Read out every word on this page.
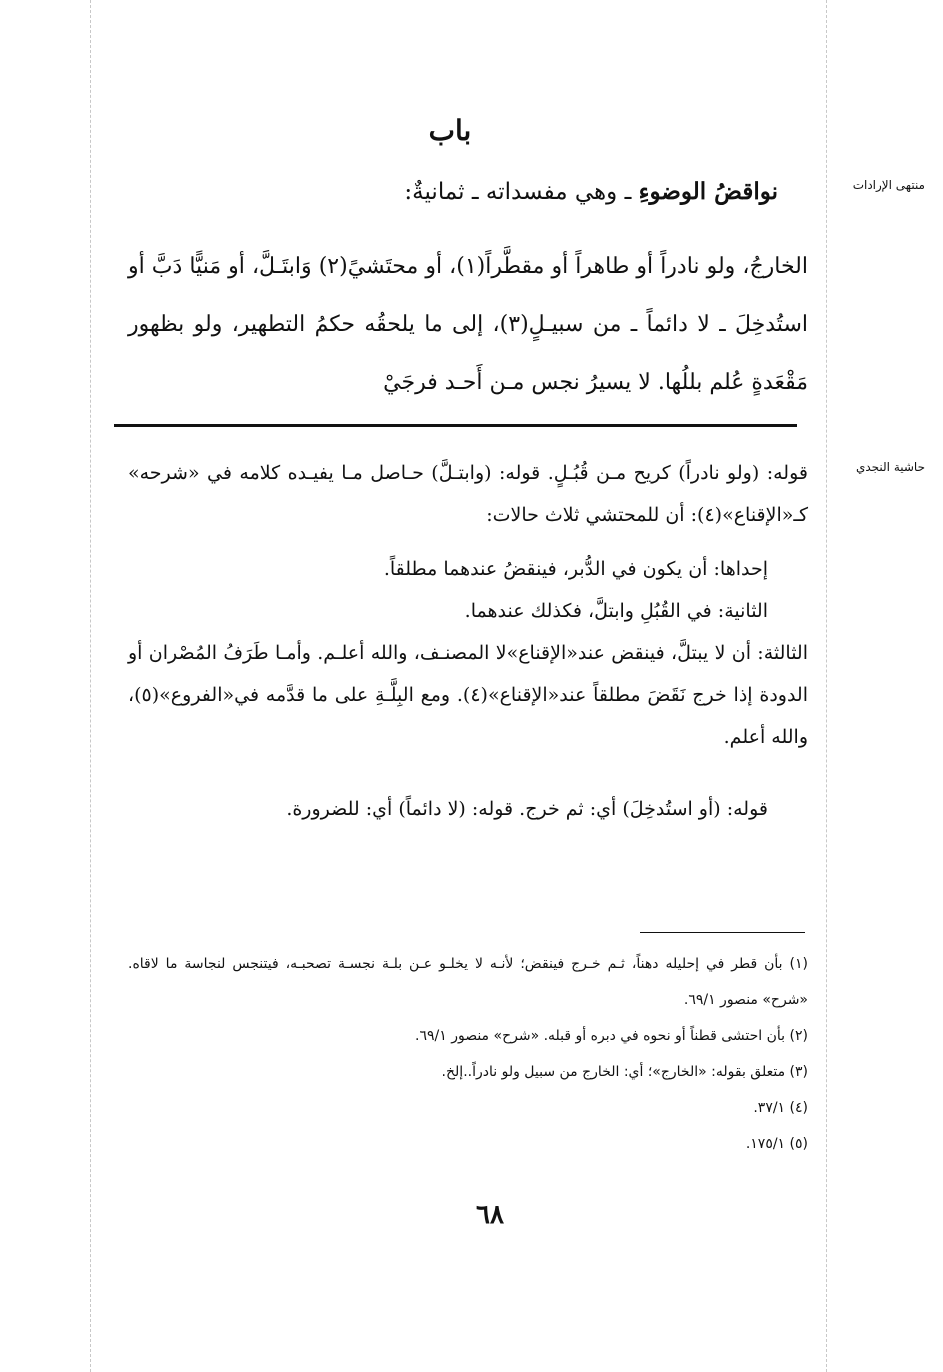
باب
نواقضُ الوضوءِ ـ وهي مفسداته ـ ثمانيةٌ:	منتهى الإرادات
الخارجُ، ولو نادراً أو طاهراً أو مقطَّراً(١)، أو محتَشيً(٢) وَابتَـلَّ، أو مَنيًّا دَبَّ أو استُدخِلَ ـ لا دائماً ـ من سبيـلٍ(٣)، إلى ما يلحقُه حكمُ التطهير، ولو بظهور مَقْعَدةٍ عُلم بللُها. لا يسيرُ نجس مـن أَحـد فرجَيْ
حاشية النجدي

قوله: (ولو نادراً) كريح مـن قُبُـلٍ. قوله: (وابتـلَّ) حـاصل مـا يفيـده كلامه في «شرحه» كـ«الإقناع»(٤): أن للمحتشي ثلاث حالات:

إحداها: أن يكون في الدُّبر، فينقضُ عندهما مطلقاً.

الثانية: في القُبُلِ وابتلَّ، فكذلك عندهما.

الثالثة: أن لا يبتلَّ، فينقض عند«الإقناع»لا المصنـف، والله أعلـم. وأمـا طَرَفُ المُصْران أو الدودة إذا خرج نَقَضَ مطلقاً عند«الإقناع»(٤). ومع البِلَّـةِ على ما قدَّمه في«الفروع»(٥)، والله أعلم.

قوله: (أو استُدخِلَ) أي: ثم خرج. قوله: (لا دائماً) أي: للضرورة.

(١) بأن قطر في إحليله دهناً، ثـم خـرج فينقض؛ لأنـه لا يخلـو عـن بلـة نجسـة تصحبـه، فيتنجس لنجاسة ما لاقاه. «شرح» منصور ٦٩/١.

(٢) بأن احتشى قطناً أو نحوه في دبره أو قبله. «شرح» منصور ٦٩/١.

(٣) متعلق بقوله: «الخارج»؛ أي: الخارج من سبيل ولو نادراً..إلخ.

(٤) ٣٧/١.

(٥) ١٧٥/١.

٦٨
